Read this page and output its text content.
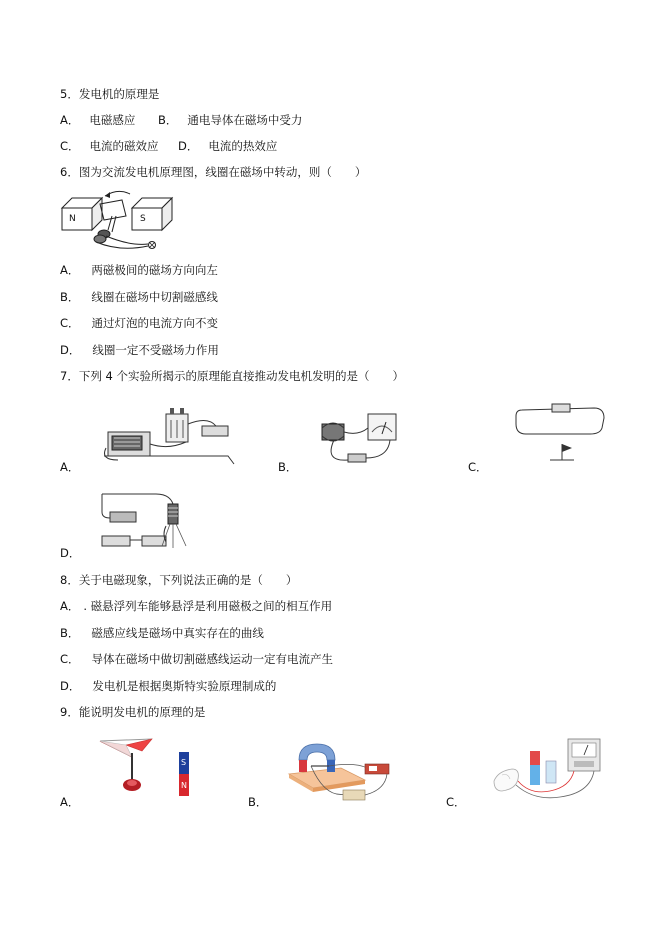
5．发电机的原理是
A． 电磁感应 B． 通电导体在磁场中受力
C． 电流的磁效应 D． 电流的热效应
6．图为交流发电机原理图，线圈在磁场中转动，则（　　）
N	S
A． 两磁极间的磁场方向向左
B． 线圈在磁场中切割磁感线
C． 通过灯泡的电流方向不变
D． 线圈一定不受磁场力作用
7．下列 4 个实验所揭示的原理能直接推动发电机发明的是（　　）
A．	B．	C．
D．
8．关于电磁现象，下列说法正确的是（　　）
A． . 磁悬浮列车能够悬浮是利用磁极之间的相互作用
B． 磁感应线是磁场中真实存在的曲线
C． 导体在磁场中做切割磁感线运动一定有电流产生
D． 发电机是根据奥斯特实验原理制成的
9．能说明发电机的原理的是
S
N
A．	B．	C．
